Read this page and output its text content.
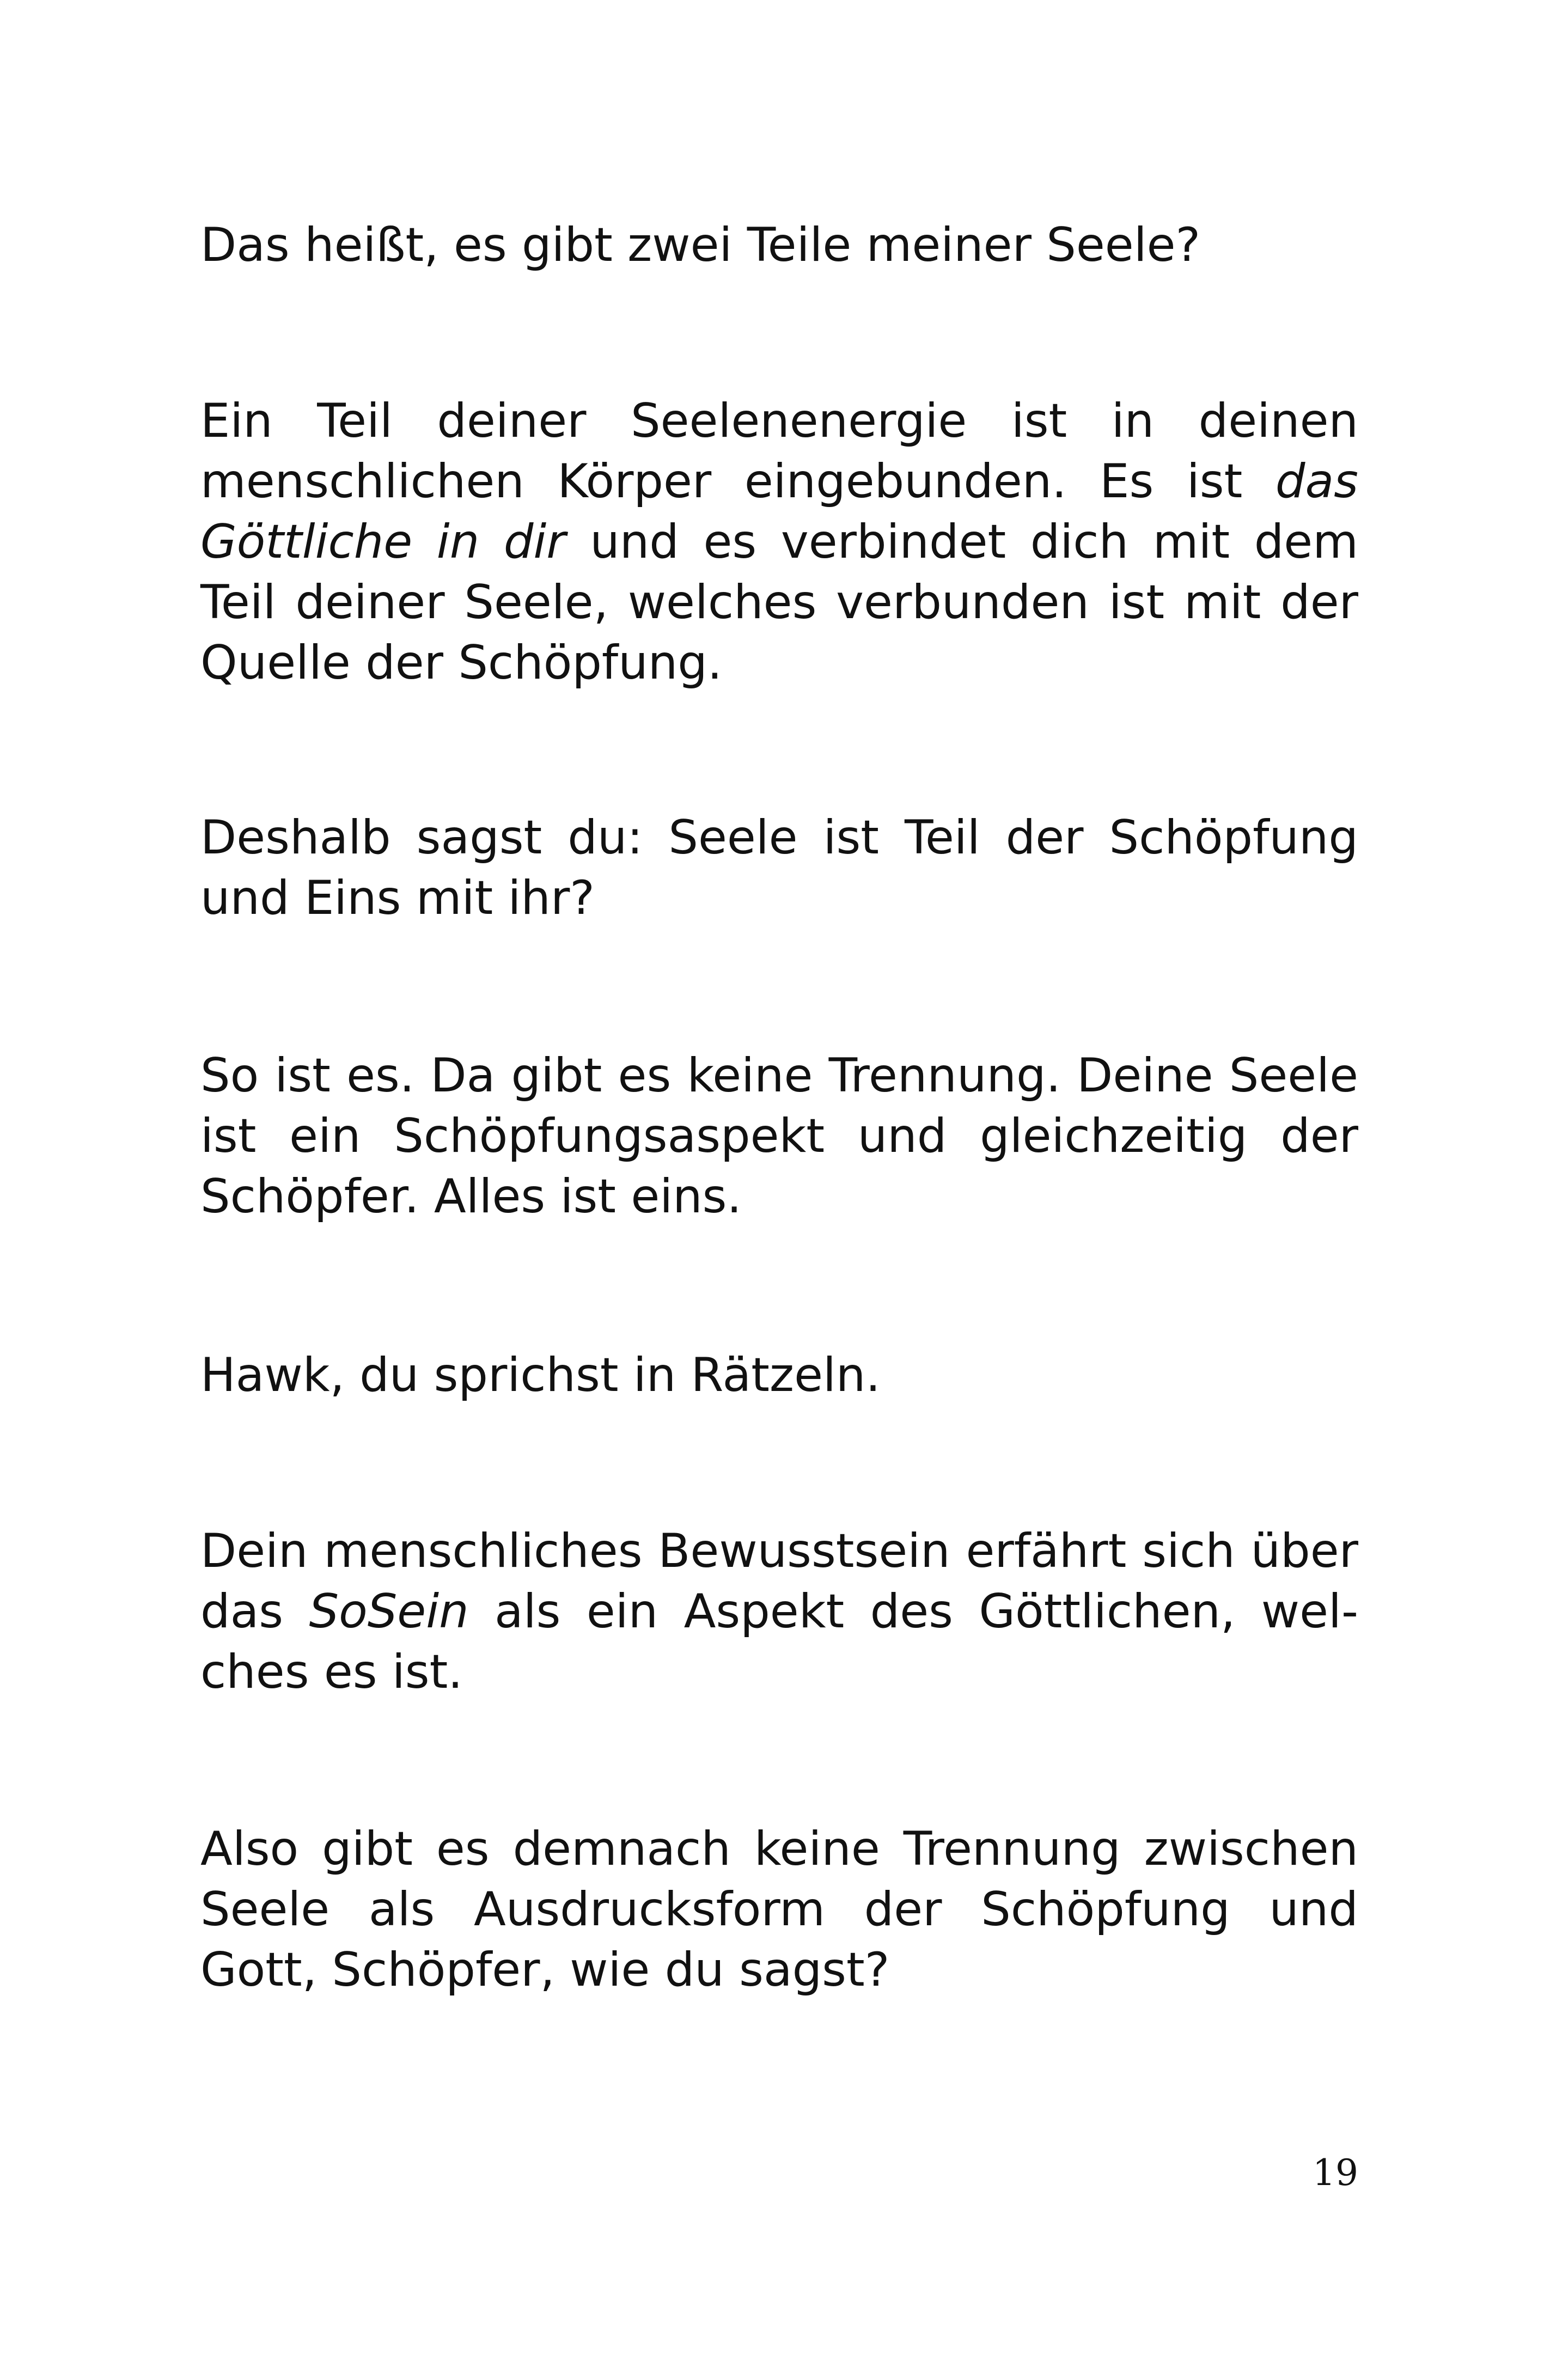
Das heißt, es gibt zwei Teile meiner Seele?

Ein Teil deiner Seelenenergie ist in deinen menschlichen Körper eingebunden. Es ist das Göttliche in dir und es verbindet dich mit dem Teil deiner Seele, welches verbunden ist mit der Quelle der Schöpfung.

Deshalb sagst du: Seele ist Teil der Schöpfung und Eins mit ihr?

So ist es. Da gibt es keine Trennung. Deine Seele ist ein Schöpfungsaspekt und gleichzeitig der Schöpfer. Alles ist eins.

Hawk, du sprichst in Rätzeln.

Dein menschliches Bewusstsein erfährt sich über das SoSein als ein Aspekt des Göttlichen, welches es ist.

Also gibt es demnach keine Trennung zwischen Seele als Ausdrucksform der Schöpfung und Gott, Schöpfer, wie du sagst?

19
